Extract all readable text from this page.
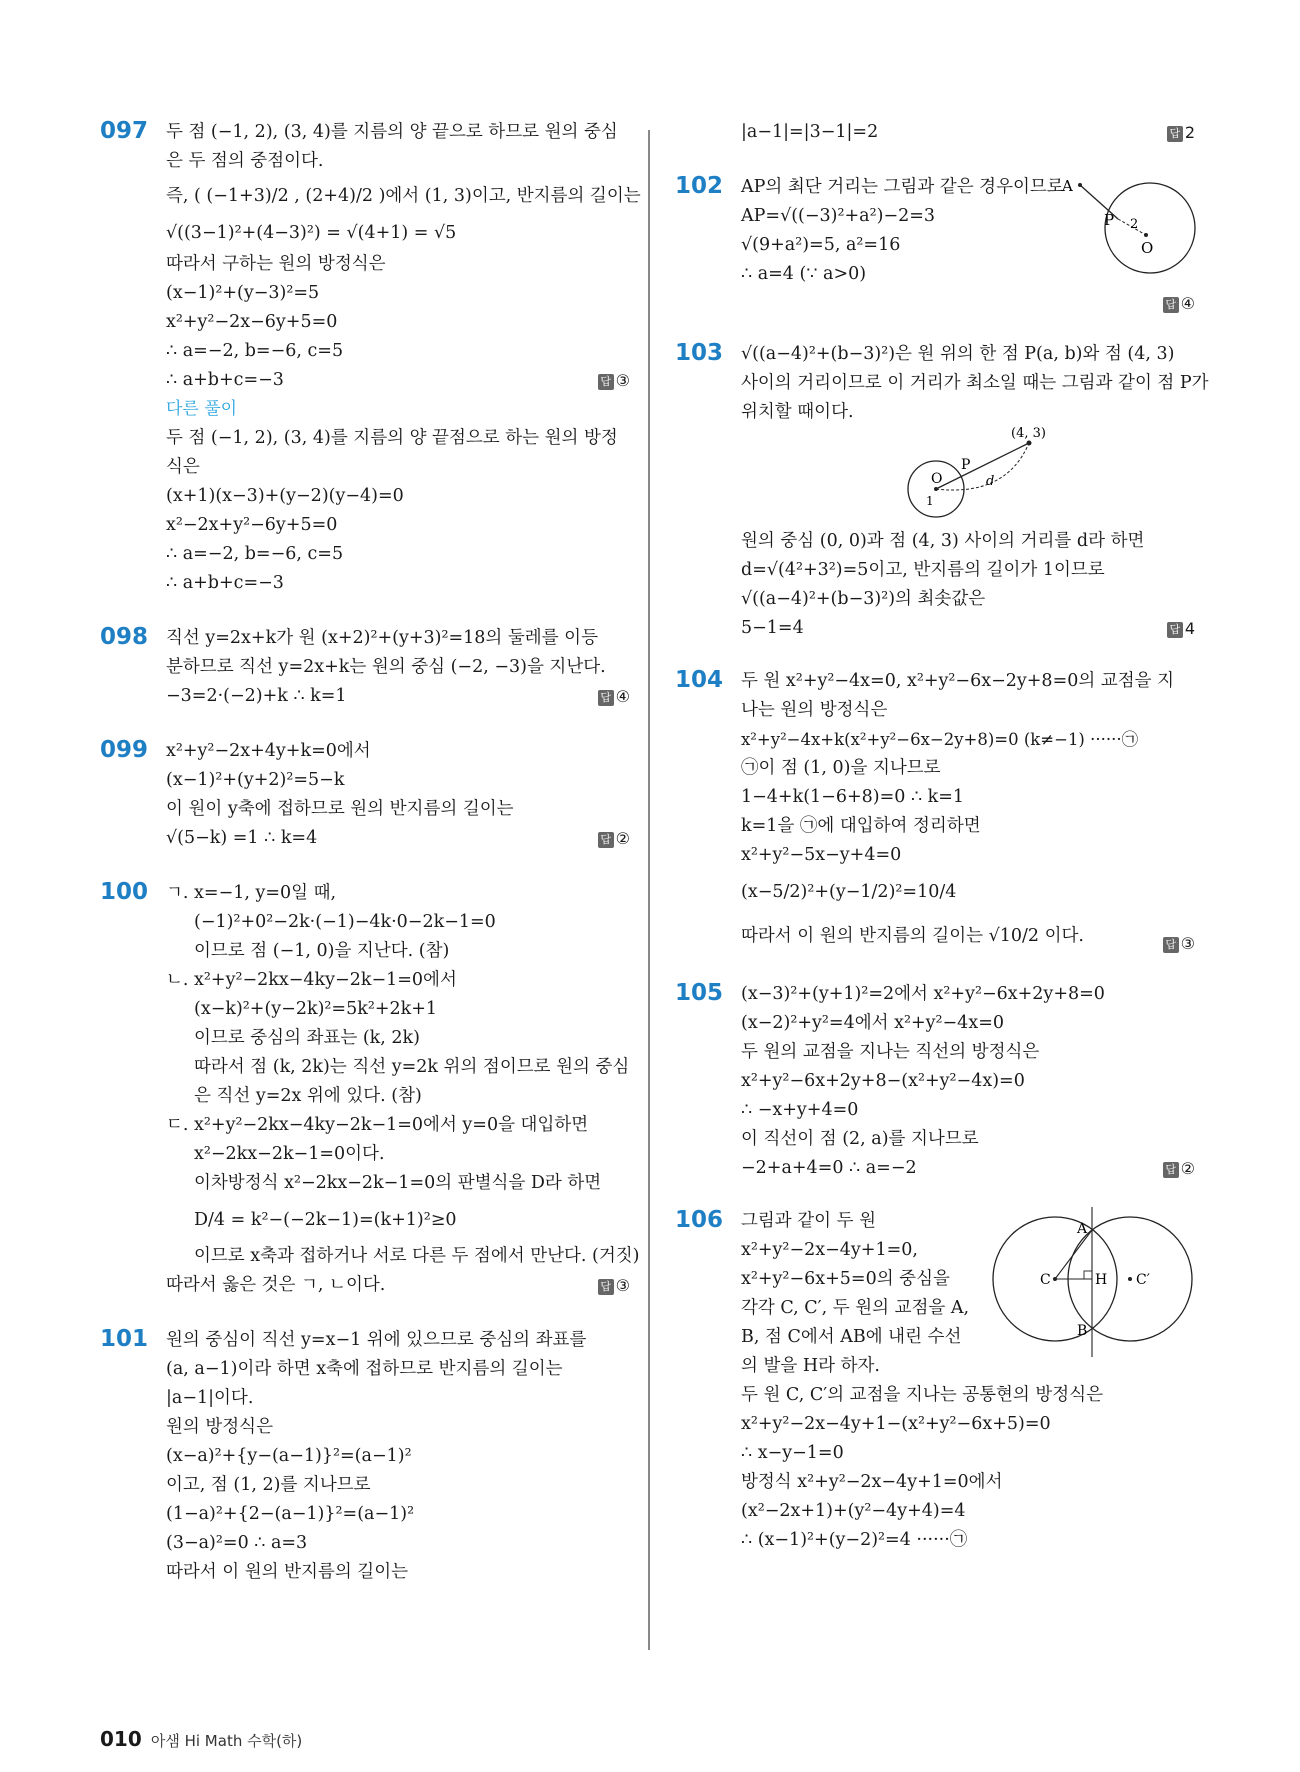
097 두 점 (−1, 2), (3, 4)를 지름의 양 끝으로 하므로 원의 중심
은 두 점의 중점이다.
즉, ( (−1+3)/2 , (2+4)/2 )에서 (1, 3)이고, 반지름의 길이는
√((3−1)²+(4−3)²) = √(4+1) = √5
따라서 구하는 원의 방정식은
(x−1)²+(y−3)²=5
x²+y²−2x−6y+5=0
∴ a=−2, b=−6, c=5
∴ a+b+c=−3	답 ③
다른 풀이
두 점 (−1, 2), (3, 4)를 지름의 양 끝점으로 하는 원의 방정
식은
(x+1)(x−3)+(y−2)(y−4)=0
x²−2x+y²−6y+5=0
∴ a=−2, b=−6, c=5
∴ a+b+c=−3
098 직선 y=2x+k가 원 (x+2)²+(y+3)²=18의 둘레를 이등
분하므로 직선 y=2x+k는 원의 중심 (−2, −3)을 지난다.
−3=2·(−2)+k ∴ k=1	답 ④
099 x²+y²−2x+4y+k=0에서
(x−1)²+(y+2)²=5−k
이 원이 y축에 접하므로 원의 반지름의 길이는
√(5−k) =1 ∴ k=4	답 ②
100 ㄱ. x=−1, y=0일 때,
(−1)²+0²−2k·(−1)−4k·0−2k−1=0
이므로 점 (−1, 0)을 지난다. (참)
ㄴ. x²+y²−2kx−4ky−2k−1=0에서
(x−k)²+(y−2k)²=5k²+2k+1
이므로 중심의 좌표는 (k, 2k)
따라서 점 (k, 2k)는 직선 y=2k 위의 점이므로 원의 중심
은 직선 y=2x 위에 있다. (참)
ㄷ. x²+y²−2kx−4ky−2k−1=0에서 y=0을 대입하면
x²−2kx−2k−1=0이다.
이차방정식 x²−2kx−2k−1=0의 판별식을 D라 하면
D/4 = k²−(−2k−1)=(k+1)²≥0
이므로 x축과 접하거나 서로 다른 두 점에서 만난다. (거짓)
따라서 옳은 것은 ㄱ, ㄴ이다.	답 ③
101 원의 중심이 직선 y=x−1 위에 있으므로 중심의 좌표를
(a, a−1)이라 하면 x축에 접하므로 반지름의 길이는
|a−1|이다.
원의 방정식은
(x−a)²+{y−(a−1)}²=(a−1)²
이고, 점 (1, 2)를 지나므로
(1−a)²+{2−(a−1)}²=(a−1)²
(3−a)²=0 ∴ a=3
따라서 이 원의 반지름의 길이는
|a−1|=|3−1|=2	답 2
102 AP의 최단 거리는 그림과 같은 경우이므로
AP=√((−3)²+a²)−2=3
√(9+a²)=5, a²=16
∴ a=4 (∵ a>0)
답 ④
A
P 2
O
103 √((a−4)²+(b−3)²)은 원 위의 한 점 P(a, b)와 점 (4, 3)
사이의 거리이므로 이 거리가 최소일 때는 그림과 같이 점 P가
위치할 때이다.
(4, 3)
O
P
d
1
원의 중심 (0, 0)과 점 (4, 3) 사이의 거리를 d라 하면
d=√(4²+3²)=5이고, 반지름의 길이가 1이므로
√((a−4)²+(b−3)²)의 최솟값은
5−1=4	답 4
104 두 원 x²+y²−4x=0, x²+y²−6x−2y+8=0의 교점을 지
나는 원의 방정식은
x²+y²−4x+k(x²+y²−6x−2y+8)=0 (k≠−1) ······㉠
㉠이 점 (1, 0)을 지나므로
1−4+k(1−6+8)=0 ∴ k=1
k=1을 ㉠에 대입하여 정리하면
x²+y²−5x−y+4=0
(x−5/2)²+(y−1/2)²=10/4
따라서 이 원의 반지름의 길이는 √10/2 이다.	답 ③
105 (x−3)²+(y+1)²=2에서 x²+y²−6x+2y+8=0
(x−2)²+y²=4에서 x²+y²−4x=0
두 원의 교점을 지나는 직선의 방정식은
x²+y²−6x+2y+8−(x²+y²−4x)=0
∴ −x+y+4=0
이 직선이 점 (2, a)를 지나므로
−2+a+4=0 ∴ a=−2	답 ②
106 그림과 같이 두 원
x²+y²−2x−4y+1=0,
x²+y²−6x+5=0의 중심을
각각 C, C′, 두 원의 교점을 A,
B, 점 C에서 AB에 내린 수선
의 발을 H라 하자.
두 원 C, C′의 교점을 지나는 공통현의 방정식은
x²+y²−2x−4y+1−(x²+y²−6x+5)=0
∴ x−y−1=0
방정식 x²+y²−2x−4y+1=0에서
(x²−2x+1)+(y²−4y+4)=4
∴ (x−1)²+(y−2)²=4 ······㉠
A
B
C	H C′
010 아샘 Hi Math 수학(하)
